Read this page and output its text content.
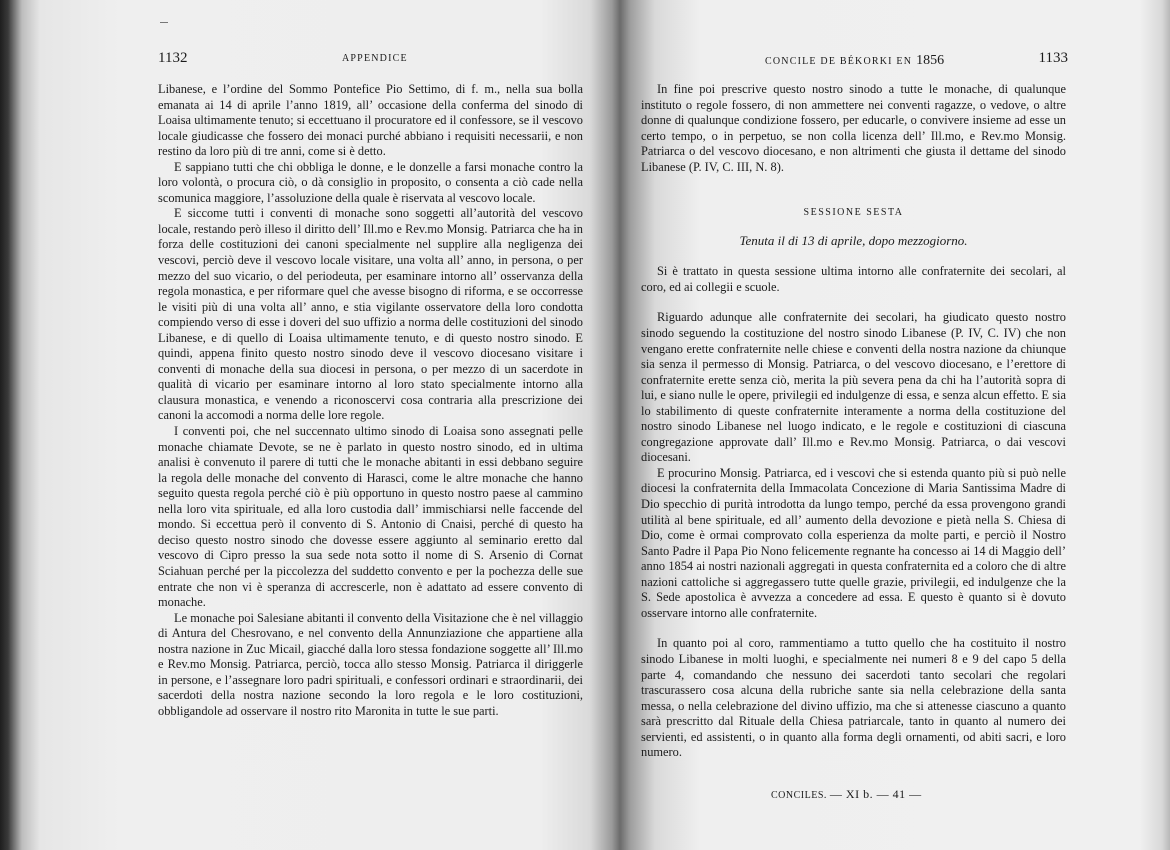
1132	APPENDICE

Libanese, e l’ordine del Sommo Pontefice Pio Settimo, di f. m., nella sua bolla emanata ai 14 di aprile l’anno 1819, all’ occasione della conferma del sinodo di Loaisa ultimamente tenuto; si eccettuano il procuratore ed il confessore, se il vescovo locale giudicasse che fossero dei monaci purché abbiano i requisiti necessarii, e non restino da loro più di tre anni, come si è detto.

E sappiano tutti che chi obbliga le donne, e le donzelle a farsi monache contro la loro volontà, o procura ciò, o dà consiglio in proposito, o consenta a ciò cade nella scomunica maggiore, l’assoluzione della quale è riservata al vescovo locale.

E siccome tutti i conventi di monache sono soggetti all’autorità del vescovo locale, restando però illeso il diritto dell’ Ill.mo e Rev.mo Monsig. Patriarca che ha in forza delle costituzioni dei canoni specialmente nel supplire alla negligenza dei vescovi, perciò deve il vescovo locale visitare, una volta all’ anno, in persona, o per mezzo del suo vicario, o del periodeuta, per esaminare intorno all’ osservanza della regola monastica, e per riformare quel che avesse bisogno di riforma, e se occorresse le visiti più di una volta all’ anno, e stia vigilante osservatore della loro condotta compiendo verso di esse i doveri del suo uffizio a norma delle costituzioni del sinodo Libanese, e di quello di Loaisa ultimamente tenuto, e di questo nostro sinodo. E quindi, appena finito questo nostro sinodo deve il vescovo diocesano visitare i conventi di monache della sua diocesi in persona, o per mezzo di un sacerdote in qualità di vicario per esaminare intorno al loro stato specialmente intorno alla clausura monastica, e venendo a riconoscervi cosa contraria alla prescrizione dei canoni la accomodi a norma delle lore regole.

I conventi poi, che nel succennato ultimo sinodo di Loaisa sono assegnati pelle monache chiamate Devote, se ne è parlato in questo nostro sinodo, ed in ultima analisi è convenuto il parere di tutti che le monache abitanti in essi debbano seguire la regola delle monache del convento di Harasci, come le altre monache che hanno seguito questa regola perché ciò è più opportuno in questo nostro paese al cammino nella loro vita spirituale, ed alla loro custodia dall’ immischiarsi nelle faccende del mondo. Si eccettua però il convento di S. Antonio di Cnaisi, perché di questo ha deciso questo nostro sinodo che dovesse essere aggiunto al seminario eretto dal vescovo di Cipro presso la sua sede nota sotto il nome di S. Arsenio di Cornat Sciahuan perché per la piccolezza del suddetto convento e per la pochezza delle sue entrate che non vi è speranza di accrescerle, non è adattato ad essere convento di monache.

Le monache poi Salesiane abitanti il convento della Visitazione che è nel villaggio di Antura del Chesrovano, e nel convento della Annunziazione che appartiene alla nostra nazione in Zuc Micail, giacché dalla loro stessa fondazione soggette all’ Ill.mo e Rev.mo Monsig. Patriarca, perciò, tocca allo stesso Monsig. Patriarca il diriggerle in persone, e l’assegnare loro padri spirituali, e confessori ordinari e straordinarii, dei sacerdoti della nostra nazione secondo la loro regola e le loro costituzioni, obbligandole ad osservare il nostro rito Maronita in tutte le sue parti.

CONCILE DE BÉKORKI EN 1856	1133

In fine poi prescrive questo nostro sinodo a tutte le monache, di qualunque instituto o regole fossero, di non ammettere nei conventi ragazze, o vedove, o altre donne di qualunque condizione fossero, per educarle, o convivere insieme ad esse un certo tempo, o in perpetuo, se non colla licenza dell’ Ill.mo, e Rev.mo Monsig. Patriarca o del vescovo diocesano, e non altrimenti che giusta il dettame del sinodo Libanese (P. IV, C. III, N. 8).

SESSIONE SESTA
Tenuta il di 13 di aprile, dopo mezzogiorno.

Si è trattato in questa sessione ultima intorno alle confraternite dei secolari, al coro, ed ai collegii e scuole.

Riguardo adunque alle confraternite dei secolari, ha giudicato questo nostro sinodo seguendo la costituzione del nostro sinodo Libanese (P. IV, C. IV) che non vengano erette confraternite nelle chiese e conventi della nostra nazione da chiunque sia senza il permesso di Monsig. Patriarca, o del vescovo diocesano, e l’erettore di confraternite erette senza ciò, merita la più severa pena da chi ha l’autorità sopra di lui, e siano nulle le opere, privilegii ed indulgenze di essa, e senza alcun effetto. E sia lo stabilimento di queste confraternite interamente a norma della costituzione del nostro sinodo Libanese nel luogo indicato, e le regole e costituzioni di ciascuna congregazione approvate dall’ Ill.mo e Rev.mo Monsig. Patriarca, o dai vescovi diocesani.

E procurino Monsig. Patriarca, ed i vescovi che si estenda quanto più si può nelle diocesi la confraternita della Immacolata Concezione di Maria Santissima Madre di Dio specchio di purità introdotta da lungo tempo, perché da essa provengono grandi utilità al bene spirituale, ed all’ aumento della devozione e pietà nella S. Chiesa di Dio, come è ormai comprovato colla esperienza da molte parti, e perciò il Nostro Santo Padre il Papa Pio Nono felicemente regnante ha concesso ai 14 di Maggio dell’ anno 1854 ai nostri nazionali aggregati in questa confraternita ed a coloro che di altre nazioni cattoliche si aggregassero tutte quelle grazie, privilegii, ed indulgenze che la S. Sede apostolica è avvezza a concedere ad essa. E questo è quanto si è dovuto osservare intorno alle confraternite.

In quanto poi al coro, rammentiamo a tutto quello che ha costituito il nostro sinodo Libanese in molti luoghi, e specialmente nei numeri 8 e 9 del capo 5 della parte 4, comandando che nessuno dei sacerdoti tanto secolari che regolari trascurassero cosa alcuna della rubriche sante sia nella celebrazione della santa messa, o nella celebrazione del divino uffizio, ma che si attenesse ciascuno a quanto sarà prescritto dal Rituale della Chiesa patriarcale, tanto in quanto al numero dei servienti, ed assistenti, o in quanto alla forma degli ornamenti, od abiti sacri, e loro numero.

CONCILES. — XI b. — 41 —
